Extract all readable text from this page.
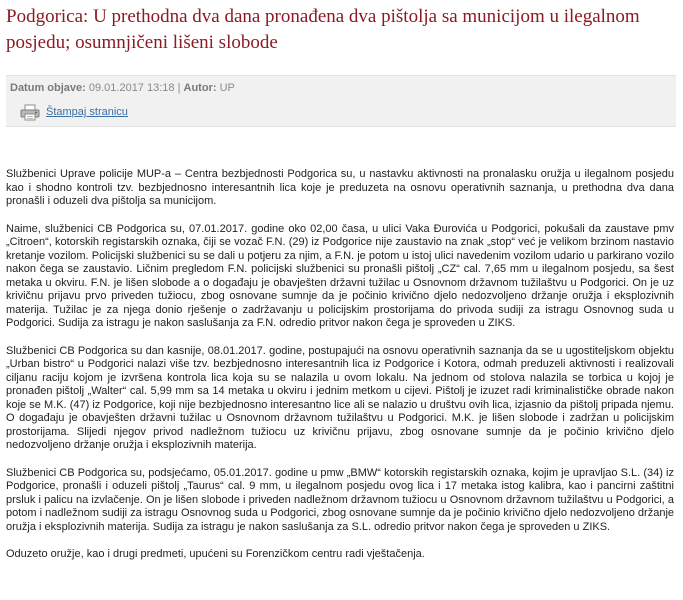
Podgorica: U prethodna dva dana pronađena dva pištolja sa municijom u ilegalnom posjedu; osumnjičeni lišeni slobode
Datum objave: 09.01.2017 13:18 | Autor: UP
Štampaj stranicu

Službenici Uprave policije MUP-a – Centra bezbjednosti Podgorica su, u nastavku aktivnosti na pronalasku oružja u ilegalnom posjedu kao i shodno kontroli tzv. bezbjednosno interesantnih lica koje je preduzeta na osnovu operativnih saznanja, u prethodna dva dana pronašli i oduzeli dva pištolja sa municijom.

Naime, službenici CB Podgorica su, 07.01.2017. godine oko 02,00 časa, u ulici Vaka Đurovića u Podgorici, pokušali da zaustave pmv „Citroen“, kotorskih registarskih oznaka, čiji se vozač F.N. (29) iz Podgorice nije zaustavio na znak „stop“ već je velikom brzinom nastavio kretanje vozilom. Policijski službenici su se dali u potjeru za njim, a F.N. je potom u istoj ulici navedenim vozilom udario u parkirano vozilo nakon čega se zaustavio. Ličnim pregledom F.N. policijski službenici su pronašli pištolj „CZ“ cal. 7,65 mm u ilegalnom posjedu, sa šest metaka u okviru. F.N. je lišen slobode a o događaju je obavješten državni tužilac u Osnovnom državnom tužilaštvu u Podgorici. On je uz krivičnu prijavu prvo priveden tužiocu, zbog osnovane sumnje da je počinio krivično djelo nedozvoljeno držanje oružja i eksplozivnih materija. Tužilac je za njega donio rješenje o zadržavanju u policijskim prostorijama do privoda sudiji za istragu Osnovnog suda u Podgorici. Sudija za istragu je nakon saslušanja za F.N. odredio pritvor nakon čega je sproveden u ZIKS.

Službenici CB Podgorica su dan kasnije, 08.01.2017. godine, postupajući na osnovu operativnih saznanja da se u ugostiteljskom objektu „Urban bistro“ u Podgorici nalazi više tzv. bezbjednosno interesantnih lica iz Podgorice i Kotora, odmah preduzeli aktivnosti i realizovali ciljanu raciju kojom je izvršena kontrola lica koja su se nalazila u ovom lokalu. Na jednom od stolova nalazila se torbica u kojoj je pronađen pištolj „Walter“ cal. 5,99 mm sa 14 metaka u okviru i jednim metkom u cijevi. Pištolj je izuzet radi kriminalističke obrade nakon koje se M.K. (47) iz Podgorice, koji nije bezbjednosno interesantno lice ali se nalazio u društvu ovih lica, izjasnio da pištolj pripada njemu. O događaju je obavješten državni tužilac u Osnovnom državnom tužilaštvu u Podgorici. M.K. je lišen slobode i zadržan u policijskim prostorijama. Slijedi njegov privod nadležnom tužiocu uz krivičnu prijavu, zbog osnovane sumnje da je počinio krivično djelo nedozvoljeno držanje oružja i eksplozivnih materija.

Službenici CB Podgorica su, podsjećamo, 05.01.2017. godine u pmw „BMW“ kotorskih registarskih oznaka, kojim je upravljao S.L. (34) iz Podgorice, pronašli i oduzeli pištolj „Taurus“ cal. 9 mm, u ilegalnom posjedu ovog lica i 17 metaka istog kalibra, kao i pancirni zaštitni prsluk i palicu na izvlačenje. On je lišen slobode i priveden nadležnom državnom tužiocu u Osnovnom državnom tužilaštvu u Podgorici, a potom i nadležnom sudiji za istragu Osnovnog suda u Podgorici, zbog osnovane sumnje da je počinio krivično djelo nedozvoljeno držanje oružja i eksplozivnih materija. Sudija za istragu je nakon saslušanja za S.L. odredio pritvor nakon čega je sproveden u ZIKS.

Oduzeto oružje, kao i drugi predmeti, upućeni su Forenzičkom centru radi vještačenja.
